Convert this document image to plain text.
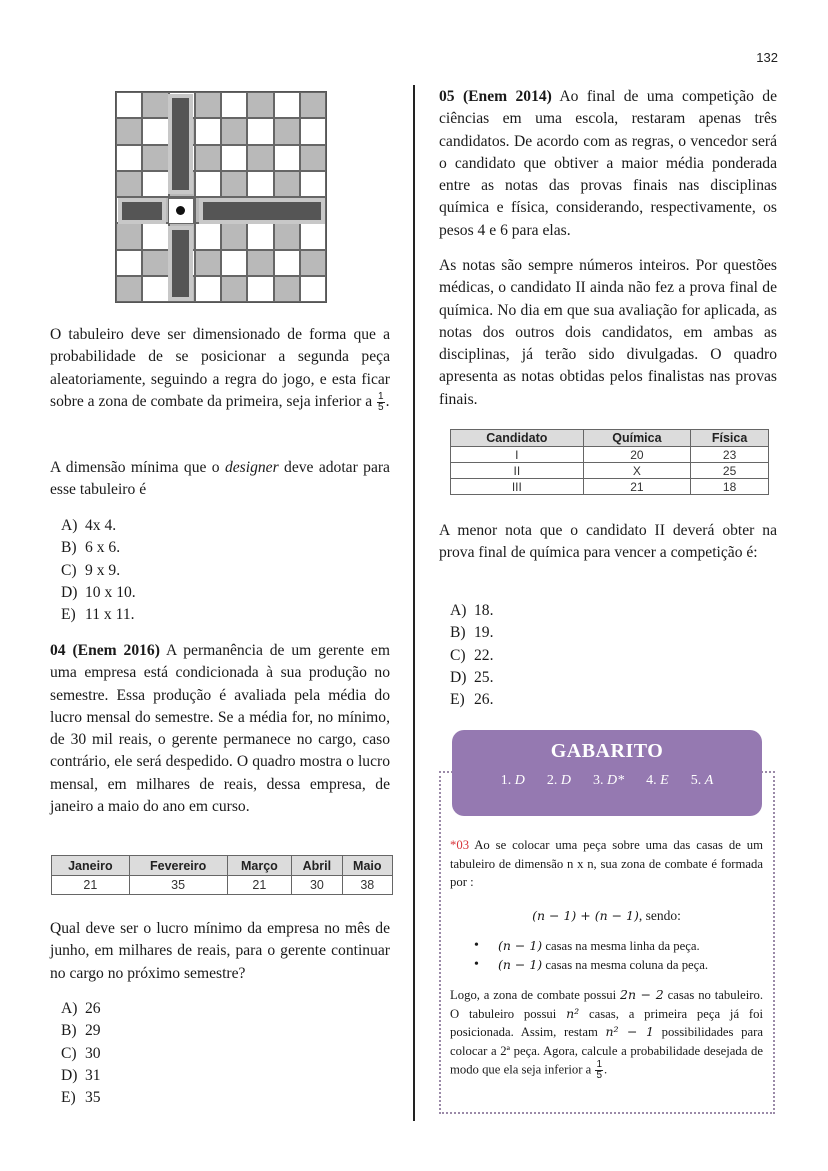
132

O tabuleiro deve ser dimensionado de forma que a probabilidade de se posicionar a segunda peça aleatoriamente, seguindo a regra do jogo, e esta ficar sobre a zona de combate da primeira, seja inferior a $\frac{1}{5}$ .

A dimensão mínima que o designer deve adotar para esse tabuleiro é

A) 4x 4.
B) 6 x 6.
C) 9 x 9.
D) 10 x 10.
E) 11 x 11.

04 (Enem 2016) A permanência de um gerente em uma empresa está condicionada à sua produção no semestre. Essa produção é avaliada pela média do lucro mensal do semestre. Se a média for, no mínimo, de 30 mil reais, o gerente permanece no cargo, caso contrário, ele será despedido. O quadro mostra o lucro mensal, em milhares de reais, dessa empresa, de janeiro a maio do ano em curso.

Janeiro	Fevereiro	Março	Abril	Maio
21	35	21	30	38

Qual deve ser o lucro mínimo da empresa no mês de junho, em milhares de reais, para o gerente continuar no cargo no próximo semestre?

A) 26
B) 29
C) 30
D) 31
E) 35

05 (Enem 2014) Ao final de uma competição de ciências em uma escola, restaram apenas três candidatos. De acordo com as regras, o vencedor será o candidato que obtiver a maior média ponderada entre as notas das provas finais nas disciplinas química e física, considerando, respectivamente, os pesos 4 e 6 para elas.

As notas são sempre números inteiros. Por questões médicas, o candidato II ainda não fez a prova final de química. No dia em que sua avaliação for aplicada, as notas dos outros dois candidatos, em ambas as disciplinas, já terão sido divulgadas. O quadro apresenta as notas obtidas pelos finalistas nas provas finais.

A menor nota que o candidato II deverá obter na prova final de química para vencer a competição é:

A) 18.
B) 19.
C) 22.
D) 25.
E) 26.
Candidato	Química	Física
I	20	23
II	X	25
III	21	18
GABARITO
1. D 2. D 3. D* 4. E 5. A

*03 Ao se colocar uma peça sobre uma das casas de um tabuleiro de dimensão n x n, sua zona de combate é formada por :

(n − 1) + (n − 1), sendo:

• (n − 1) casas na mesma linha da peça.
• (n − 1) casas na mesma coluna da peça.

Logo, a zona de combate possui 2n − 2 casas no tabuleiro. O tabuleiro possui n² casas, a primeira peça já foi posicionada. Assim, restam n² − 1 possibilidades para colocar a 2ª peça. Agora, calcule a probabilidade desejada de modo que ela seja inferior a $\frac{1}{5}$ .
